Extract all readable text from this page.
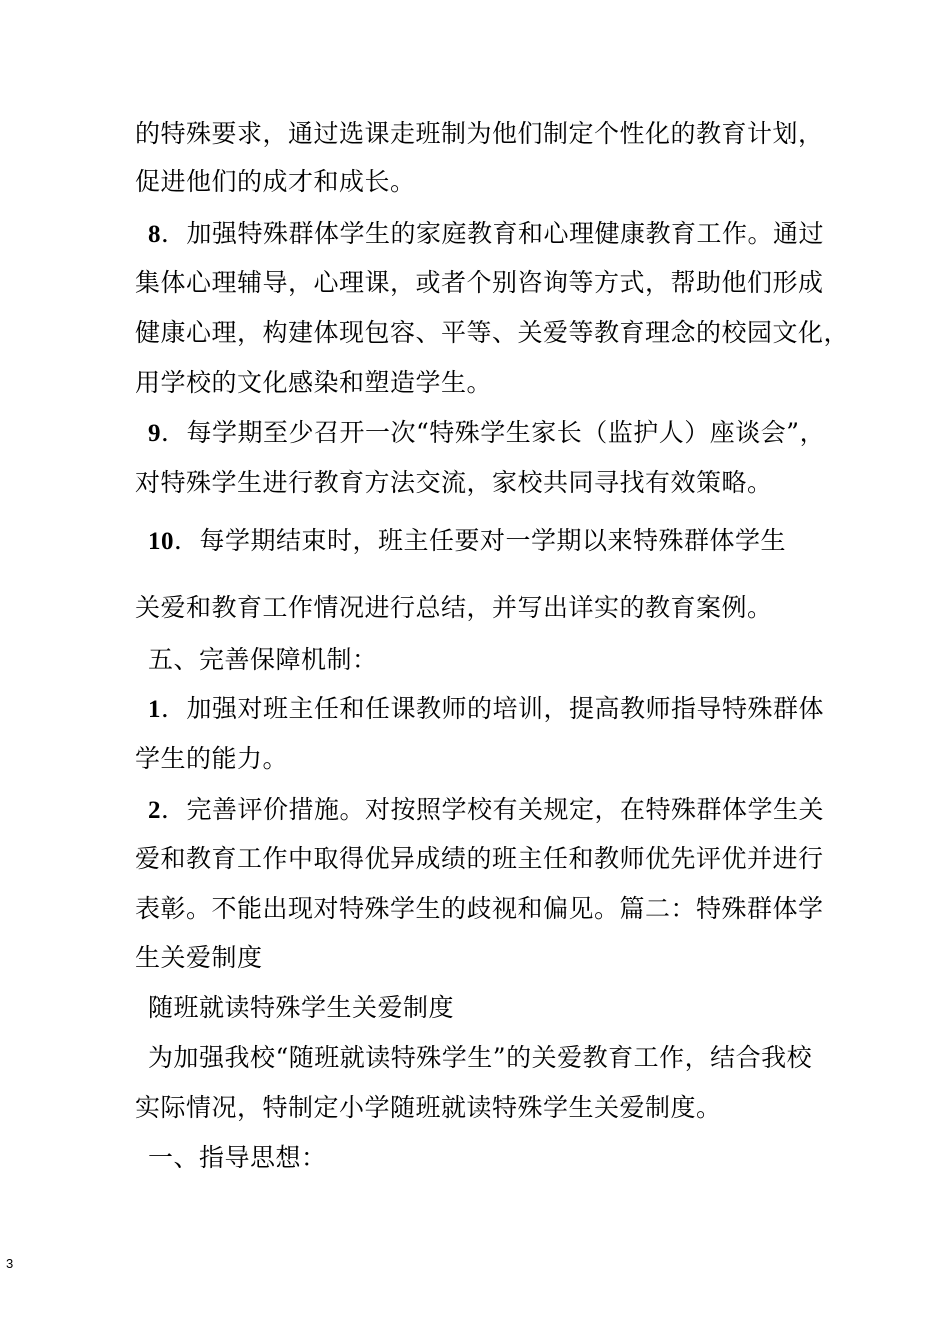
的特殊要求，通过选课走班制为他们制定个性化的教育计划，
促进他们的成才和成长。
8．加强特殊群体学生的家庭教育和心理健康教育工作。通过
集体心理辅导，心理课，或者个别咨询等方式，帮助他们形成
健康心理，构建体现包容、平等、关爱等教育理念的校园文化，
用学校的文化感染和塑造学生。
9．每学期至少召开一次“特殊学生家长（监护人）座谈会”，
对特殊学生进行教育方法交流，家校共同寻找有效策略。
10．每学期结束时，班主任要对一学期以来特殊群体学生
关爱和教育工作情况进行总结，并写出详实的教育案例。
五、完善保障机制：
1．加强对班主任和任课教师的培训，提高教师指导特殊群体
学生的能力。
2．完善评价措施。对按照学校有关规定，在特殊群体学生关
爱和教育工作中取得优异成绩的班主任和教师优先评优并进行
表彰。不能出现对特殊学生的歧视和偏见。篇二：特殊群体学
生关爱制度
随班就读特殊学生关爱制度
为加强我校“随班就读特殊学生”的关爱教育工作，结合我校
实际情况，特制定小学随班就读特殊学生关爱制度。
一、指导思想：
3
